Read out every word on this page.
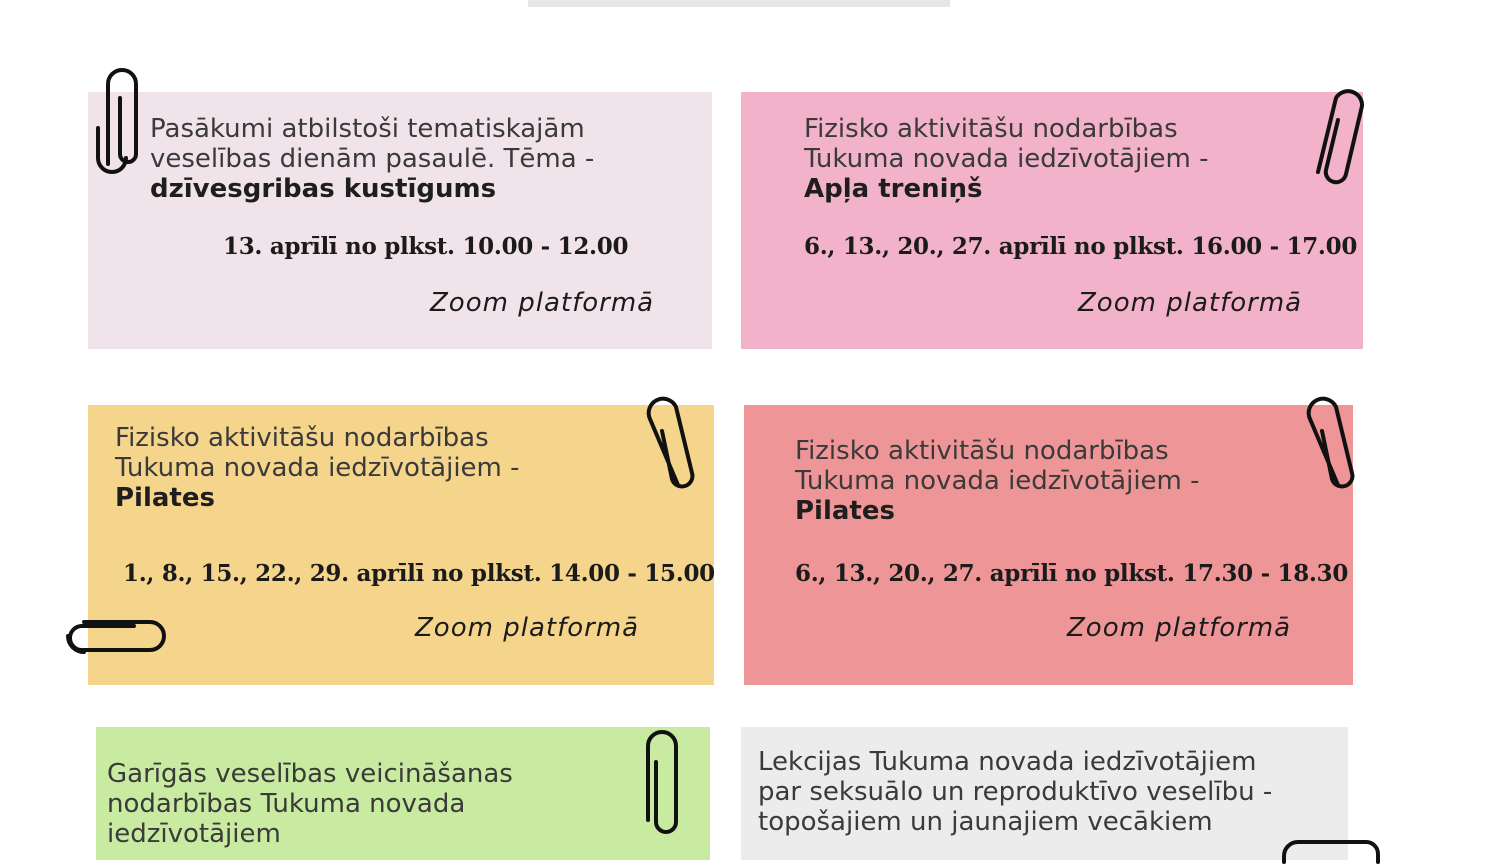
Pasākumi atbilstoši tematiskajām
veselības dienām pasaulē. Tēma -
dzīvesgribas kustīgums

13. aprīlī no plkst. 10.00 - 12.00

Zoom platformā

Fizisko aktivitāšu nodarbības
Tukuma novada iedzīvotājiem -
Apļa treniņš

6., 13., 20., 27. aprīlī no plkst. 16.00 - 17.00

Zoom platformā

Fizisko aktivitāšu nodarbības
Tukuma novada iedzīvotājiem -
Pilates

1., 8., 15., 22., 29. aprīlī no plkst. 14.00 - 15.00

Zoom platformā

Fizisko aktivitāšu nodarbības
Tukuma novada iedzīvotājiem -
Pilates

6., 13., 20., 27. aprīlī no plkst. 17.30 - 18.30

Zoom platformā

Garīgās veselības veicināšanas
nodarbības Tukuma novada
iedzīvotājiem

Lekcijas Tukuma novada iedzīvotājiem
par seksuālo un reproduktīvo veselību -
topošajiem un jaunajiem vecākiem
